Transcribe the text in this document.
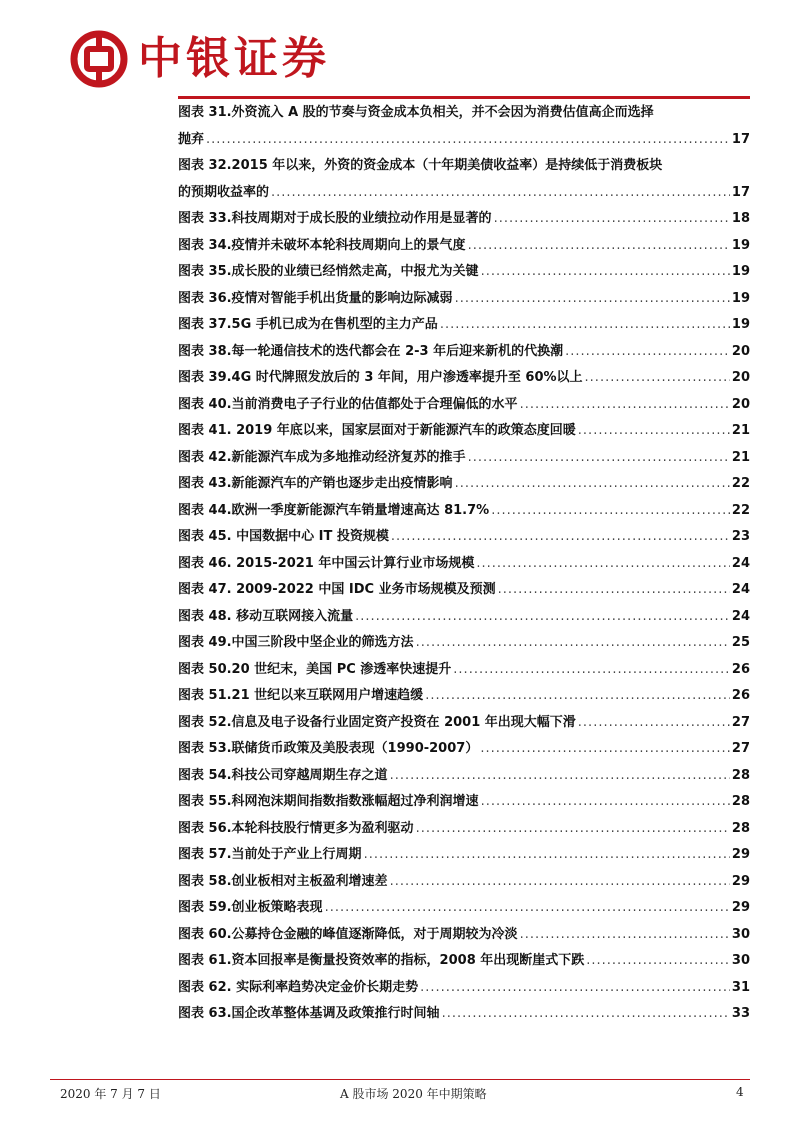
中银证券
图表 31.外资流入 A 股的节奏与资金成本负相关，并不会因为消费估值高企而选择
抛弃 .....	17
图表 32.2015 年以来，外资的资金成本（十年期美债收益率）是持续低于消费板块
的预期收益率的 .....	17
图表 33.科技周期对于成长股的业绩拉动作用是显著的 .....	18
图表 34.疫情并未破坏本轮科技周期向上的景气度 .....	19
图表 35.成长股的业绩已经悄然走高，中报尤为关键 .....	19
图表 36.疫情对智能手机出货量的影响边际减弱 .....	19
图表 37.5G 手机已成为在售机型的主力产品 .....	19
图表 38.每一轮通信技术的迭代都会在 2-3 年后迎来新机的代换潮 .....	20
图表 39.4G 时代牌照发放后的 3 年间，用户渗透率提升至 60%以上 .....	20
图表 40.当前消费电子子行业的估值都处于合理偏低的水平 .....	20
图表 41. 2019 年底以来，国家层面对于新能源汽车的政策态度回暖 .....	21
图表 42.新能源汽车成为多地推动经济复苏的推手 .....	21
图表 43.新能源汽车的产销也逐步走出疫情影响 .....	22
图表 44.欧洲一季度新能源汽车销量增速高达 81.7% .....	22
图表 45. 中国数据中心 IT 投资规模 .....	23
图表 46. 2015-2021 年中国云计算行业市场规模 .....	24
图表 47. 2009-2022 中国 IDC 业务市场规模及预测 .....	24
图表 48. 移动互联网接入流量 .....	24
图表 49.中国三阶段中坚企业的筛选方法 .....	25
图表 50.20 世纪末，美国 PC 渗透率快速提升 .....	26
图表 51.21 世纪以来互联网用户增速趋缓 .....	26
图表 52.信息及电子设备行业固定资产投资在 2001 年出现大幅下滑 .....	27
图表 53.联储货币政策及美股表现（1990-2007） .....	27
图表 54.科技公司穿越周期生存之道 .....	28
图表 55.科网泡沫期间指数指数涨幅超过净利润增速 .....	28
图表 56.本轮科技股行情更多为盈利驱动 .....	28
图表 57.当前处于产业上行周期 .....	29
图表 58.创业板相对主板盈利增速差 .....	29
图表 59.创业板策略表现 .....	29
图表 60.公募持仓金融的峰值逐渐降低，对于周期较为冷淡 .....	30
图表 61.资本回报率是衡量投资效率的指标，2008 年出现断崖式下跌 .....	30
图表 62. 实际利率趋势决定金价长期走势 .....	31
图表 63.国企改革整体基调及政策推行时间轴 .....	33
2020 年 7 月 7 日	A 股市场 2020 年中期策略	4
